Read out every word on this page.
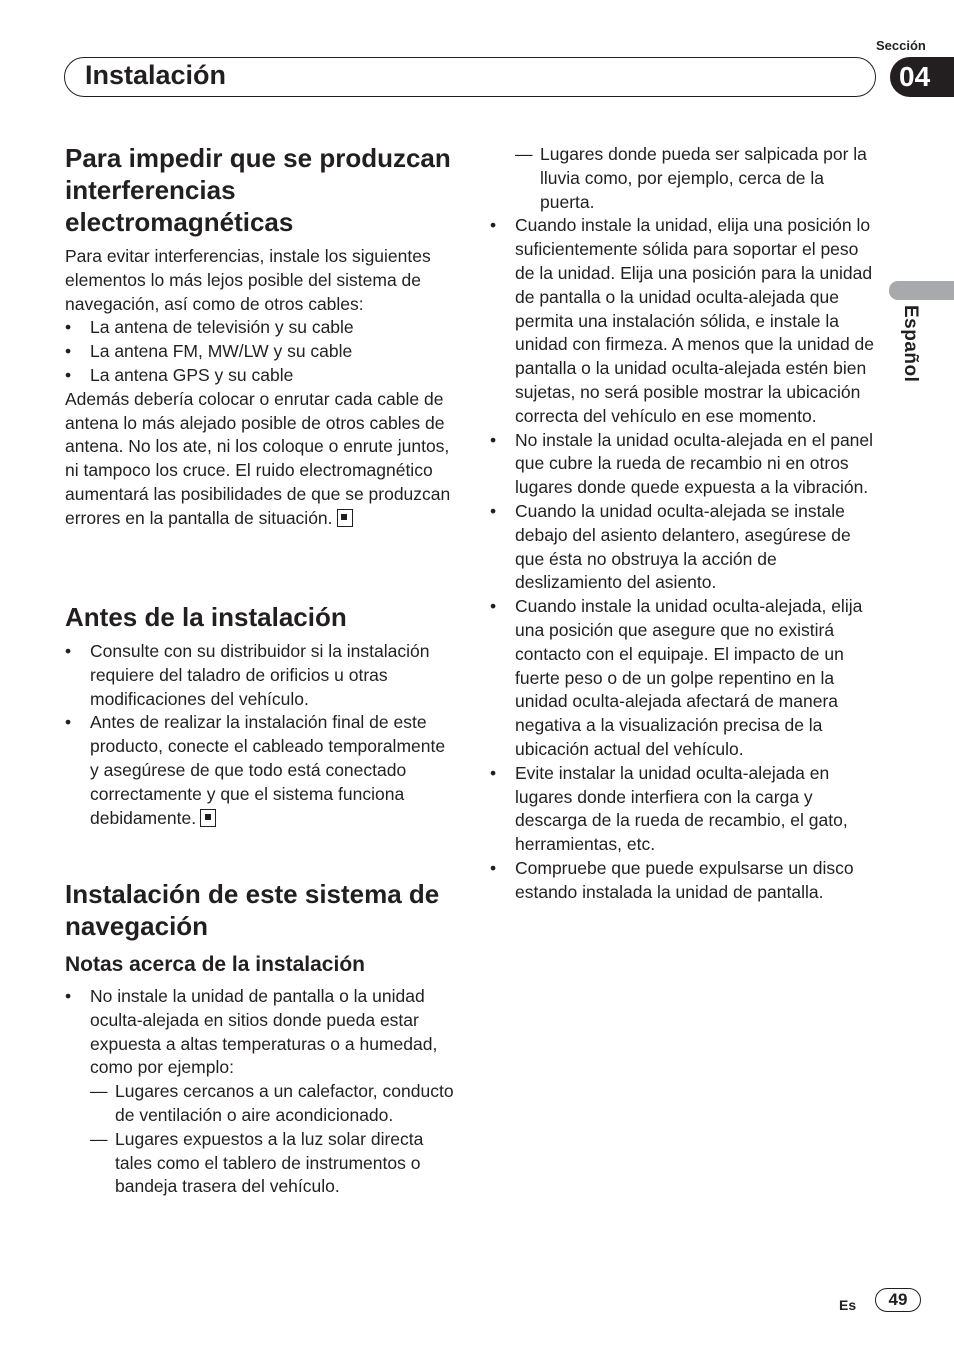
Sección
Instalación	04
Español
Para impedir que se produzcan interferencias electromagnéticas

Para evitar interferencias, instale los siguientes elementos lo más lejos posible del sistema de navegación, así como de otros cables:

• La antena de televisión y su cable
• La antena FM, MW/LW y su cable
• La antena GPS y su cable

Además debería colocar o enrutar cada cable de antena lo más alejado posible de otros cables de antena. No los ate, ni los coloque o enrute juntos, ni tampoco los cruce. El ruido electromagnético aumentará las posibilidades de que se produzcan errores en la pantalla de situación.

Antes de la instalación
• Consulte con su distribuidor si la instalación requiere del taladro de orificios u otras modificaciones del vehículo.
• Antes de realizar la instalación final de este producto, conecte el cableado temporalmente y asegúrese de que todo está conectado correctamente y que el sistema funciona debidamente.
Instalación de este sistema de navegación
Notas acerca de la instalación
• No instale la unidad de pantalla o la unidad oculta-alejada en sitios donde pueda estar expuesta a altas temperaturas o a humedad, como por ejemplo:
— Lugares cercanos a un calefactor, conducto de ventilación o aire acondicionado.
— Lugares expuestos a la luz solar directa tales como el tablero de instrumentos o bandeja trasera del vehículo.
— Lugares donde pueda ser salpicada por la lluvia como, por ejemplo, cerca de la puerta.
• Cuando instale la unidad, elija una posición lo suficientemente sólida para soportar el peso de la unidad. Elija una posición para la unidad de pantalla o la unidad oculta-alejada que permita una instalación sólida, e instale la unidad con firmeza. A menos que la unidad de pantalla o la unidad oculta-alejada estén bien sujetas, no será posible mostrar la ubicación correcta del vehículo en ese momento.
• No instale la unidad oculta-alejada en el panel que cubre la rueda de recambio ni en otros lugares donde quede expuesta a la vibración.
• Cuando la unidad oculta-alejada se instale debajo del asiento delantero, asegúrese de que ésta no obstruya la acción de deslizamiento del asiento.
• Cuando instale la unidad oculta-alejada, elija una posición que asegure que no existirá contacto con el equipaje. El impacto de un fuerte peso o de un golpe repentino en la unidad oculta-alejada afectará de manera negativa a la visualización precisa de la ubicación actual del vehículo.
• Evite instalar la unidad oculta-alejada en lugares donde interfiera con la carga y descarga de la rueda de recambio, el gato, herramientas, etc.
• Compruebe que puede expulsarse un disco estando instalada la unidad de pantalla.
Es	49
